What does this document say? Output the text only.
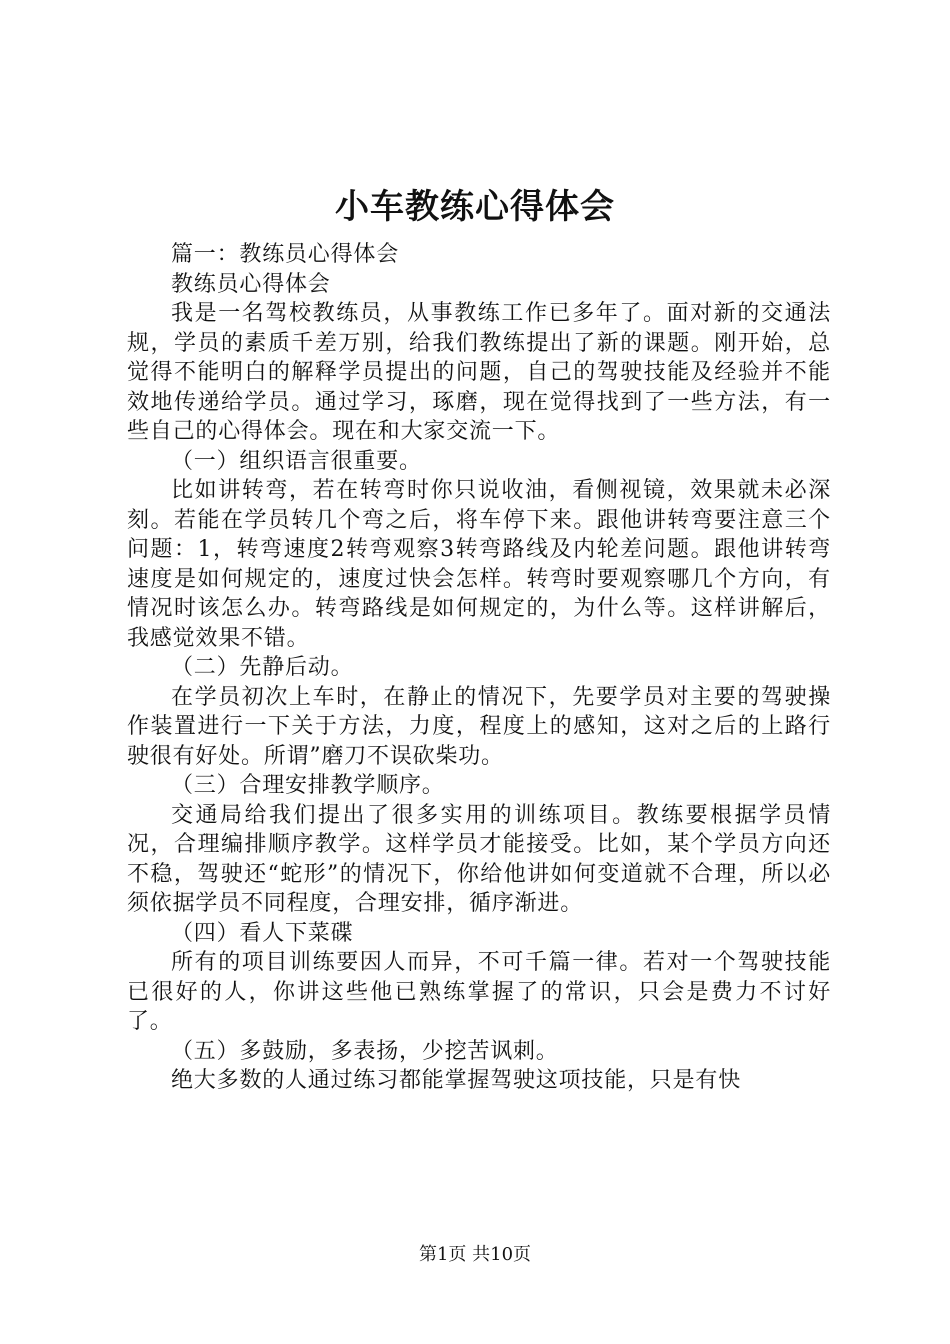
小车教练心得体会

篇一：教练员心得体会

教练员心得体会

我是一名驾校教练员，从事教练工作已多年了。面对新的交通法规，学员的素质千差万别，给我们教练提出了新的课题。刚开始，总觉得不能明白的解释学员提出的问题，自己的驾驶技能及经验并不能效地传递给学员。通过学习，琢磨，现在觉得找到了一些方法，有一些自己的心得体会。现在和大家交流一下。

（一）组织语言很重要。

比如讲转弯，若在转弯时你只说收油，看侧视镜，效果就未必深刻。若能在学员转几个弯之后，将车停下来。跟他讲转弯要注意三个问题：1，转弯速度2转弯观察3转弯路线及内轮差问题。跟他讲转弯速度是如何规定的，速度过快会怎样。转弯时要观察哪几个方向，有情况时该怎么办。转弯路线是如何规定的，为什么等。这样讲解后，我感觉效果不错。

（二）先静后动。

在学员初次上车时，在静止的情况下，先要学员对主要的驾驶操作装置进行一下关于方法，力度，程度上的感知，这对之后的上路行驶很有好处。所谓”磨刀不误砍柴功。

（三）合理安排教学顺序。

交通局给我们提出了很多实用的训练项目。教练要根据学员情况，合理编排顺序教学。这样学员才能接受。比如，某个学员方向还不稳，驾驶还“蛇形”的情况下，你给他讲如何变道就不合理，所以必须依据学员不同程度，合理安排，循序渐进。

（四）看人下菜碟

所有的项目训练要因人而异，不可千篇一律。若对一个驾驶技能已很好的人，你讲这些他已熟练掌握了的常识，只会是费力不讨好了。

（五）多鼓励，多表扬，少挖苦讽刺。

绝大多数的人通过练习都能掌握驾驶这项技能，只是有快

第1页 共10页
